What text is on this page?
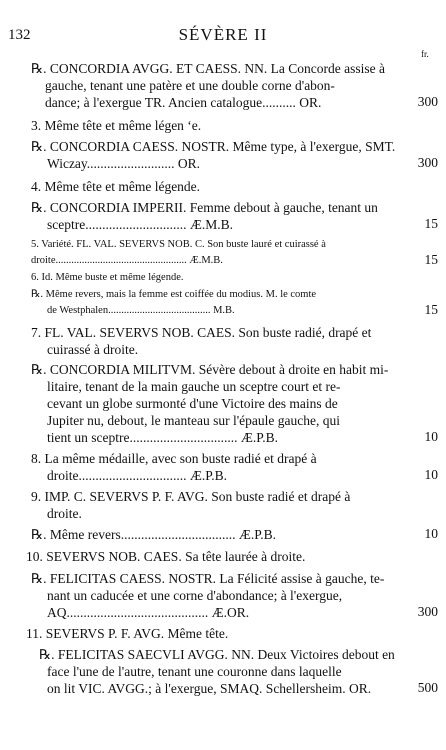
132	SÉVÈRE II
fr.
℞. CONCORDIA AVGG. ET CAESS. NN. La Concorde assise à
gauche, tenant une patère et une double corne d'abon-
dance; à l'exergue TR. Ancien catalogue.......... OR.	300
3. Même tête et même légen ‘e.
℞. CONCORDIA CAESS. NOSTR. Même type, à l'exergue, SMT.
Wiczay.......................... OR.	300
4. Même tête et même légende.
℞. CONCORDIA IMPERII. Femme debout à gauche, tenant un
sceptre.............................. Æ.M.B.	15
5. Variété. FL. VAL. SEVERVS NOB. C. Son buste lauré et cuirassé à
droite.................................................. Æ.M.B.	15
6. Id. Même buste et même légende.
℞. Même revers, mais la femme est coiffée du modius. M. le comte
de Westphalen....................................... M.B.	15
7. FL. VAL. SEVERVS NOB. CAES. Son buste radié, drapé et
cuirassé à droite.
℞. CONCORDIA MILITVM. Sévère debout à droite en habit mi-
litaire, tenant de la main gauche un sceptre court et re-
cevant un globe surmonté d'une Victoire des mains de
Jupiter nu, debout, le manteau sur l'épaule gauche, qui
tient un sceptre................................ Æ.P.B.	10
8. La même médaille, avec son buste radié et drapé à
droite................................ Æ.P.B.	10
9. IMP. C. SEVERVS P. F. AVG. Son buste radié et drapé à
droite.
℞. Même revers.................................. Æ.P.B.	10
10. SEVERVS NOB. CAES. Sa tête laurée à droite.
℞. FELICITAS CAESS. NOSTR. La Félicité assise à gauche, te-
nant un caducée et une corne d'abondance; à l'exergue,
AQ.......................................... Æ.OR.	300
11. SEVERVS P. F. AVG. Même tête.
℞. FELICITAS SAECVLI AVGG. NN. Deux Victoires debout en
face l'une de l'autre, tenant une couronne dans laquelle
on lit VIC. AVGG.; à l'exergue, SMAQ. Schellersheim. OR.	500
